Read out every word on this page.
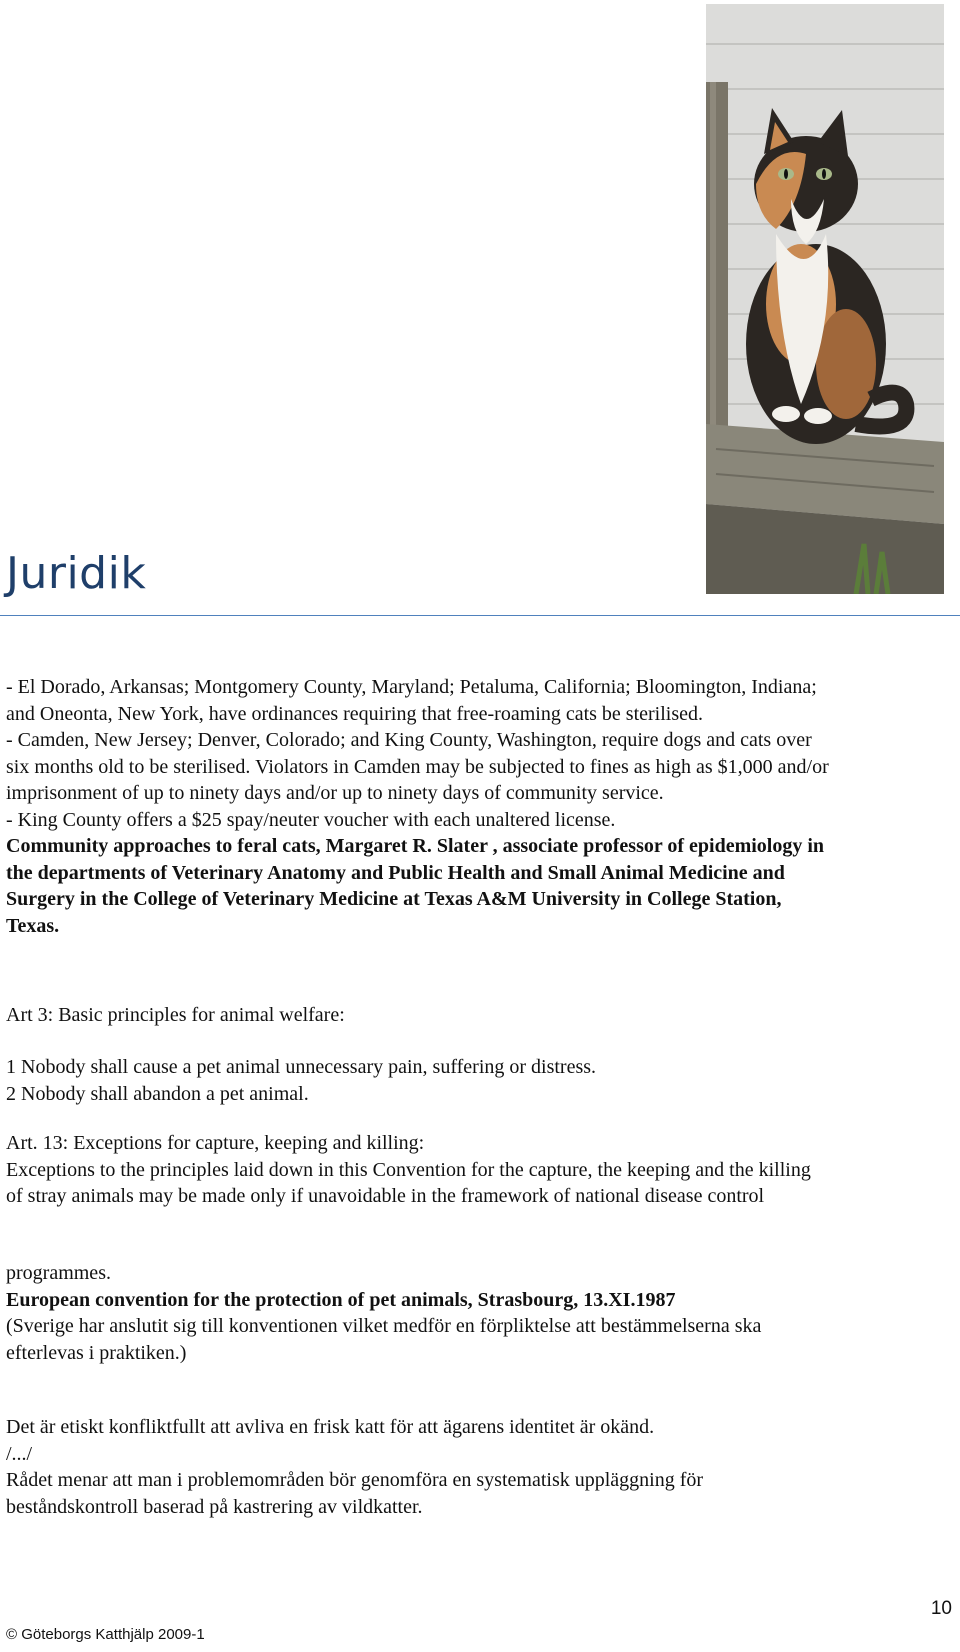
Juridik

- El Dorado, Arkansas; Montgomery County, Maryland; Petaluma, California; Bloomington, Indiana;

and Oneonta, New York, have ordinances requiring that free-roaming cats be sterilised.

- Camden, New Jersey; Denver, Colorado; and King County, Washington, require dogs and cats over

six months old to be sterilised. Violators in Camden may be subjected to fines as high as $1,000 and/or

imprisonment of up to ninety days and/or up to ninety days of community service.

- King County offers a $25 spay/neuter voucher with each unaltered license.

Community approaches to feral cats, Margaret R. Slater , associate professor of epidemiology in

the departments of Veterinary Anatomy and Public Health and Small Animal Medicine and

Surgery in the College of Veterinary Medicine at Texas A&M University in College Station,

Texas.

Art 3: Basic principles for animal welfare:

1 Nobody shall cause a pet animal unnecessary pain, suffering or distress.

2 Nobody shall abandon a pet animal.

Art. 13: Exceptions for capture, keeping and killing:

Exceptions to the principles laid down in this Convention for the capture, the keeping and the killing

of stray animals may be made only if unavoidable in the framework of national disease control

programmes.

European convention for the protection of pet animals, Strasbourg, 13.XI.1987

(Sverige har anslutit sig till konventionen vilket medför en förpliktelse att bestämmelserna ska

efterlevas i praktiken.)

Det är etiskt konfliktfullt att avliva en frisk katt för att ägarens identitet är okänd.

/.../

Rådet menar att man i problemområden bör genomföra en systematisk uppläggning för

beståndskontroll baserad på kastrering av vildkatter.

10
© Göteborgs Katthjälp 2009-1
